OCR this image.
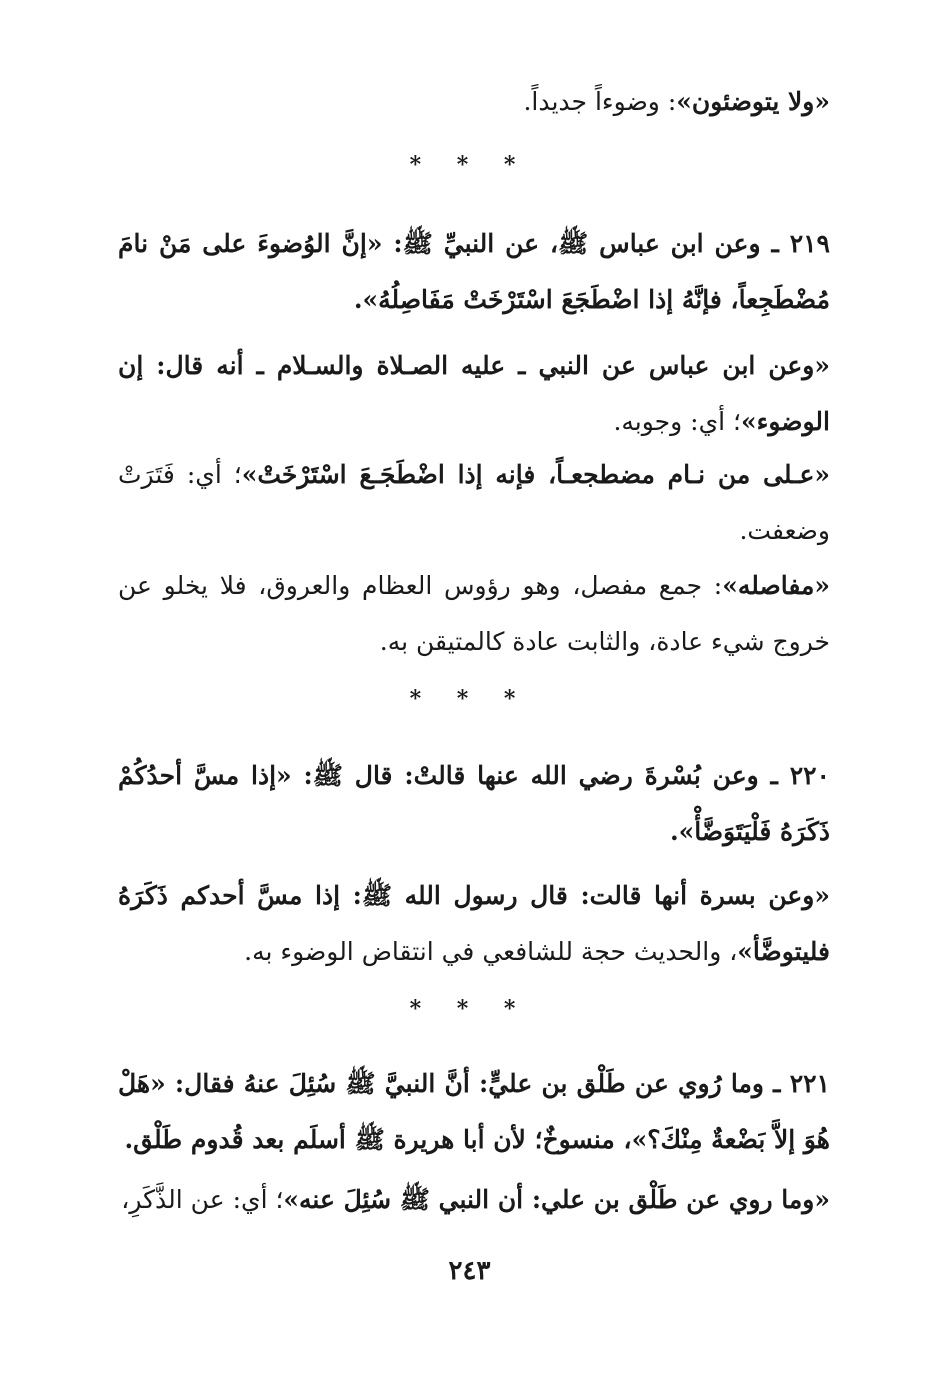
«ولا يتوضئون»: وضوءاً جديداً.

* * *

٢١٩ ـ وعن ابن عباس ﷺ، عن النبيِّ ﷺ: «إنَّ الوُضوءَ على مَنْ نامَ مُضْطَجِعاً، فإنَّهُ إذا اضْطَجَعَ اسْتَرْخَتْ مَفَاصِلُهُ».

«وعن ابن عباس عن النبي ـ عليه الصـلاة والسـلام ـ أنه قال: إن الوضوء»؛ أي: وجوبه.

«عـلى من نـام مضطجعـاً، فإنه إذا اضْطَجَـعَ اسْتَرْخَتْ»؛ أي: فَتَرَتْ وضعفت.

«مفاصله»: جمع مفصل، وهو رؤوس العظام والعروق، فلا يخلو عن خروج شيء عادة، والثابت عادة كالمتيقن به.

* * *

٢٢٠ ـ وعن بُسْرةَ رضي الله عنها قالتْ: قال ﷺ: «إذا مسَّ أحدُكُمْ ذَكَرَهُ فَلْيَتَوَضَّأْ».

«وعن بسرة أنها قالت: قال رسول الله ﷺ: إذا مسَّ أحدكم ذَكَرَهُ فليتوضَّأ»، والحديث حجة للشافعي في انتقاض الوضوء به.

* * *

٢٢١ ـ وما رُوي عن طَلْق بن عليٍّ: أنَّ النبيَّ ﷺ سُئِلَ عنهُ فقال: «هَلْ هُوَ إلاَّ بَضْعةٌ مِنْكَ؟»، منسوخٌ؛ لأن أبا هريرة ﷺ أسلَم بعد قُدوم طَلْق.

«وما روي عن طَلْق بن علي: أن النبي ﷺ سُئِلَ عنه»؛ أي: عن الذَّكَرِ،

٢٤٣
